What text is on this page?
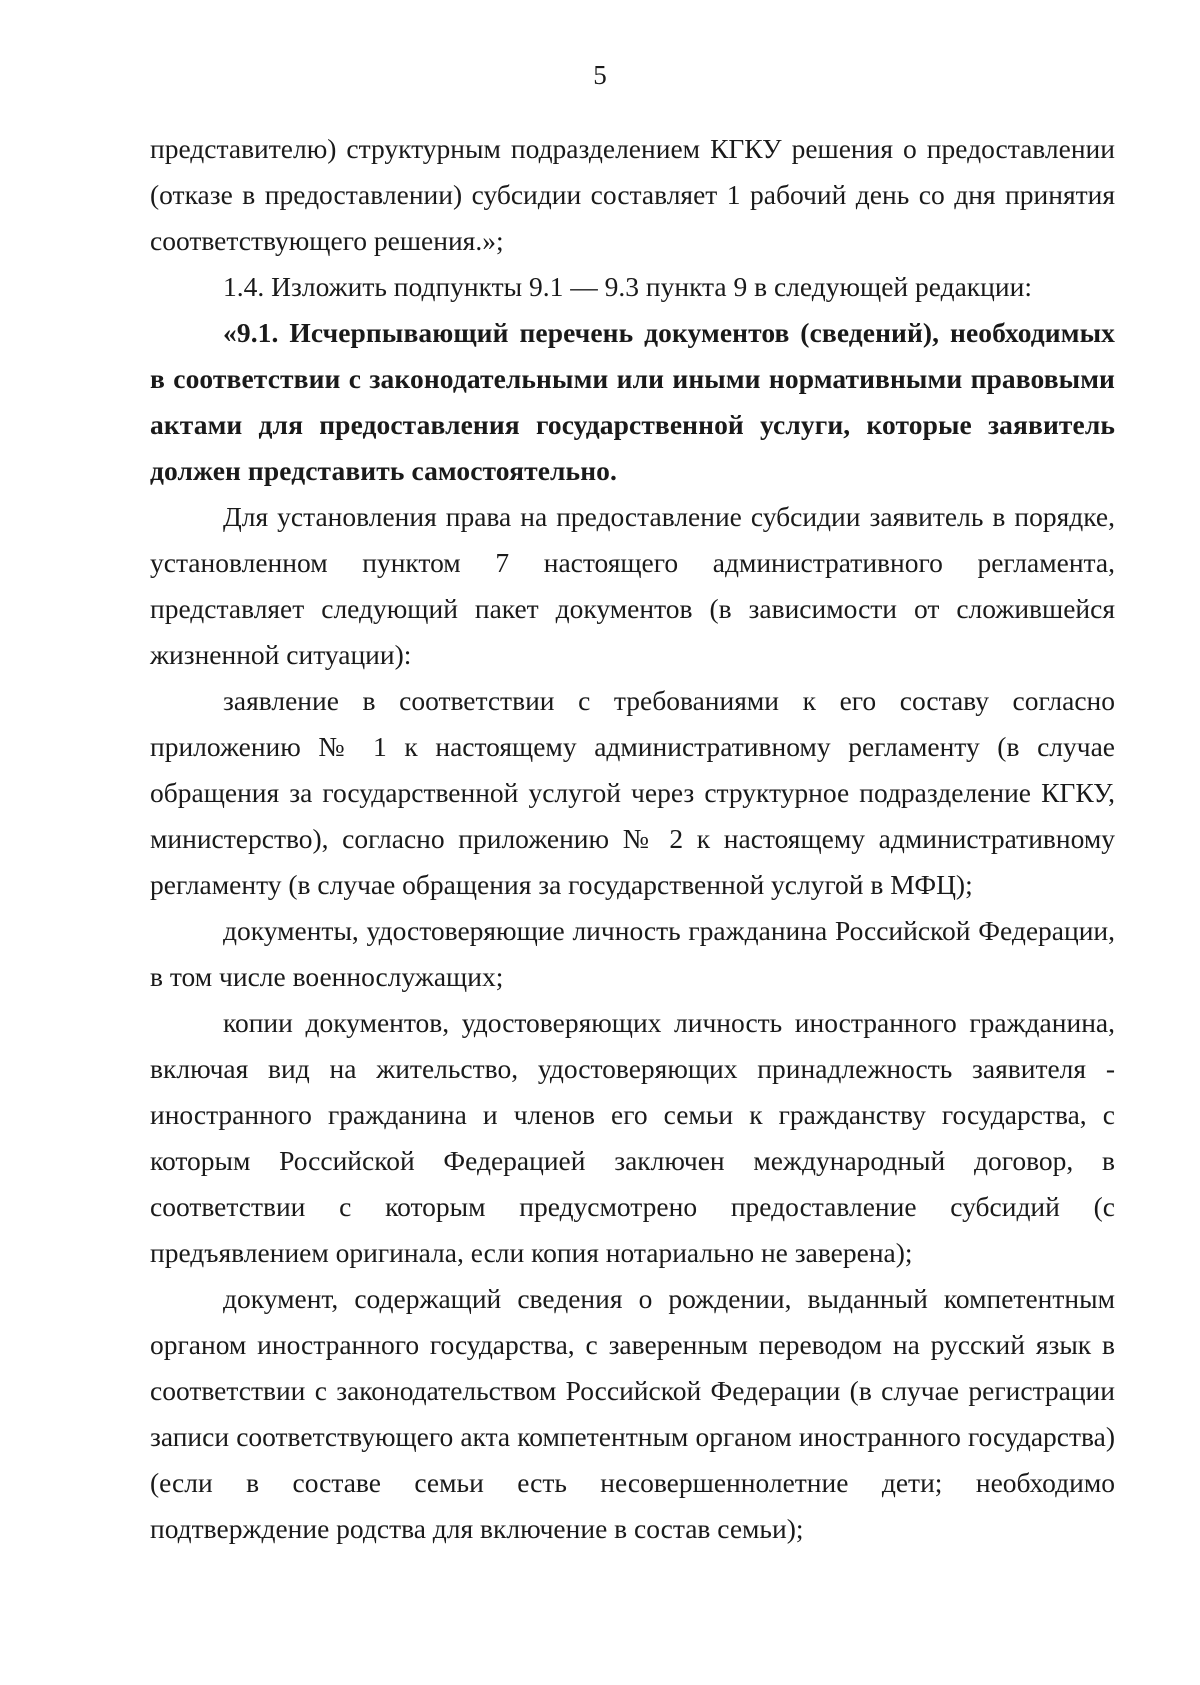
5

представителю) структурным подразделением КГКУ решения о предоставлении (отказе в предоставлении) субсидии составляет 1 рабочий день со дня принятия соответствующего решения.»;

1.4. Изложить подпункты 9.1 — 9.3 пункта 9 в следующей редакции:

«9.1. Исчерпывающий перечень документов (сведений), необходимых в соответствии с законодательными или иными нормативными правовыми актами для предоставления государственной услуги, которые заявитель должен представить самостоятельно.

Для установления права на предоставление субсидии заявитель в порядке, установленном пунктом 7 настоящего административного регламента, представляет следующий пакет документов (в зависимости от сложившейся жизненной ситуации):

заявление в соответствии с требованиями к его составу согласно приложению № 1 к настоящему административному регламенту (в случае обращения за государственной услугой через структурное подразделение КГКУ, министерство), согласно приложению № 2 к настоящему административному регламенту (в случае обращения за государственной услугой в МФЦ);

документы, удостоверяющие личность гражданина Российской Федерации, в том числе военнослужащих;

копии документов, удостоверяющих личность иностранного гражданина, включая вид на жительство, удостоверяющих принадлежность заявителя - иностранного гражданина и членов его семьи к гражданству государства, с которым Российской Федерацией заключен международный договор, в соответствии с которым предусмотрено предоставление субсидий (с предъявлением оригинала, если копия нотариально не заверена);

документ, содержащий сведения о рождении, выданный компетентным органом иностранного государства, с заверенным переводом на русский язык в соответствии с законодательством Российской Федерации (в случае регистрации записи соответствующего акта компетентным органом иностранного государства) (если в составе семьи есть несовершеннолетние дети; необходимо подтверждение родства для включение в состав семьи);
